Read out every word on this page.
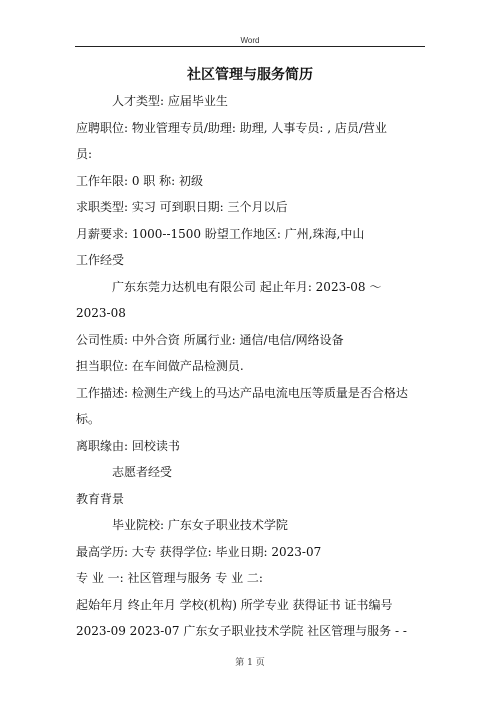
Word
社区管理与服务简历
人才类型: 应届毕业生
应聘职位: 物业管理专员/助理: 助理, 人事专员: , 店员/营业
员:
工作年限: 0 职 称: 初级
求职类型: 实习 可到职日期: 三个月以后
月薪要求: 1000--1500 盼望工作地区: 广州,珠海,中山
工作经受
广东东莞力达机电有限公司 起止年月: 2023-08 ～
2023-08
公司性质: 中外合资 所属行业: 通信/电信/网络设备
担当职位: 在车间做产品检测员.
工作描述: 检测生产线上的马达产品电流电压等质量是否合格达
标。
离职缘由: 回校读书
志愿者经受
教育背景
毕业院校: 广东女子职业技术学院
最高学历: 大专 获得学位: 毕业日期: 2023-07
专 业 一: 社区管理与服务 专 业 二:
起始年月 终止年月 学校(机构) 所学专业 获得证书 证书编号
2023-09 2023-07 广东女子职业技术学院 社区管理与服务 - -
第 1 页
